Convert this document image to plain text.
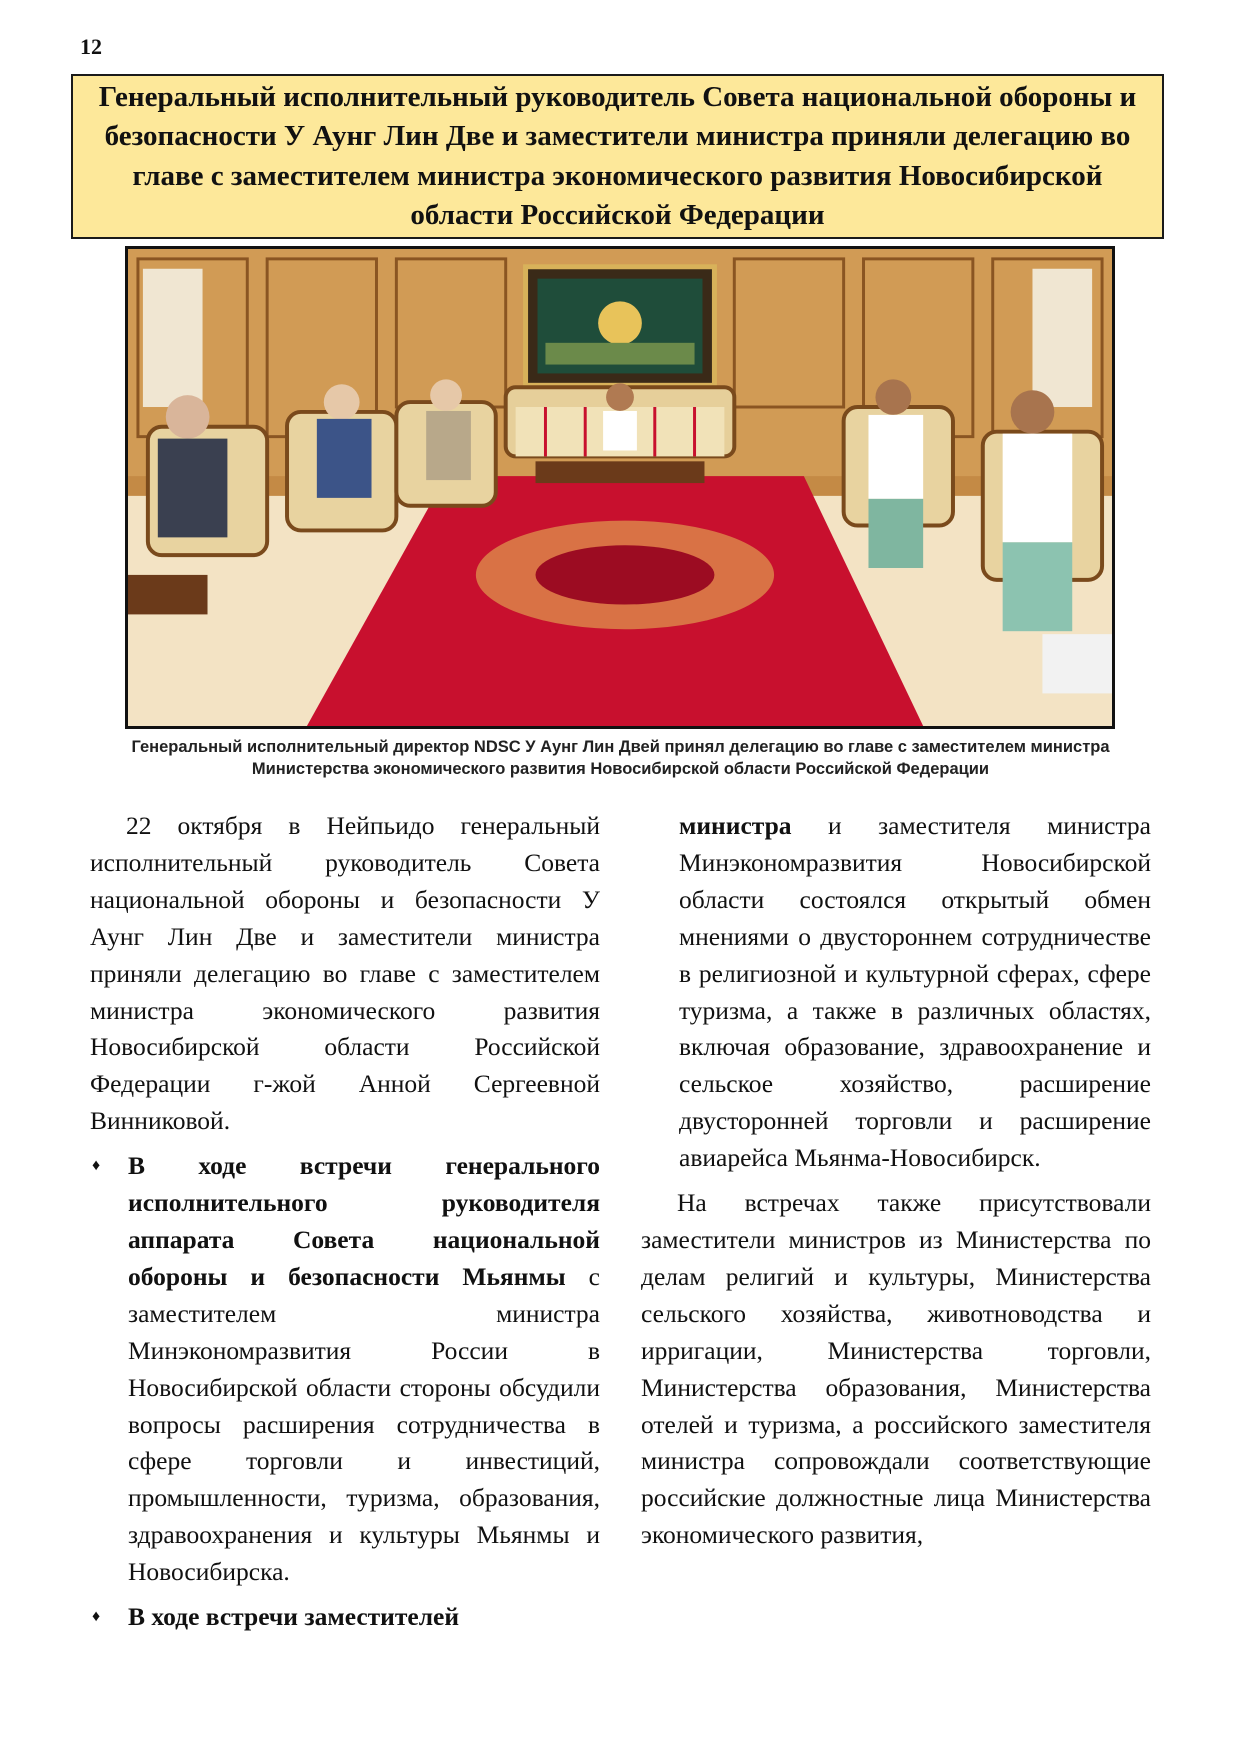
12
Генеральный исполнительный руководитель Совета национальной обороны и безопасности У Аунг Лин Две и заместители министра приняли делегацию во главе с заместителем министра экономического развития Новосибирской области Российской Федерации
Генеральный исполнительный директор NDSC У Аунг Лин Двей принял делегацию во главе с заместителем министра Министерства экономического развития Новосибирской области Российской Федерации

22 октября в Нейпьидо генеральный исполнительный руководитель Совета национальной обороны и безопасности У Аунг Лин Две и заместители министра приняли делегацию во главе с заместителем министра экономического развития Новосибирской области Российской Федерации г-жой Анной Сергеевной Винниковой.

♦ В ходе встречи генерального исполнительного руководителя аппарата Совета национальной обороны и безопасности Мьянмы с заместителем министра Минэкономразвития России в Новосибирской области стороны обсудили вопросы расширения сотрудничества в сфере торговли и инвестиций, промышленности, туризма, образования, здравоохранения и культуры Мьянмы и Новосибирска.

♦ В ходе встречи заместителей

министра и заместителя министра Минэкономразвития Новосибирской области состоялся открытый обмен мнениями о двустороннем сотрудничестве в религиозной и культурной сферах, сфере туризма, а также в различных областях, включая образование, здравоохранение и сельское хозяйство, расширение двусторонней торговли и расширение авиарейса Мьянма-Новосибирск.

На встречах также присутствовали заместители министров из Министерства по делам религий и культуры, Министерства сельского хозяйства, животноводства и ирригации, Министерства торговли, Министерства образования, Министерства отелей и туризма, а российского заместителя министра сопровождали соответствующие российские должностные лица Министерства экономического развития,
